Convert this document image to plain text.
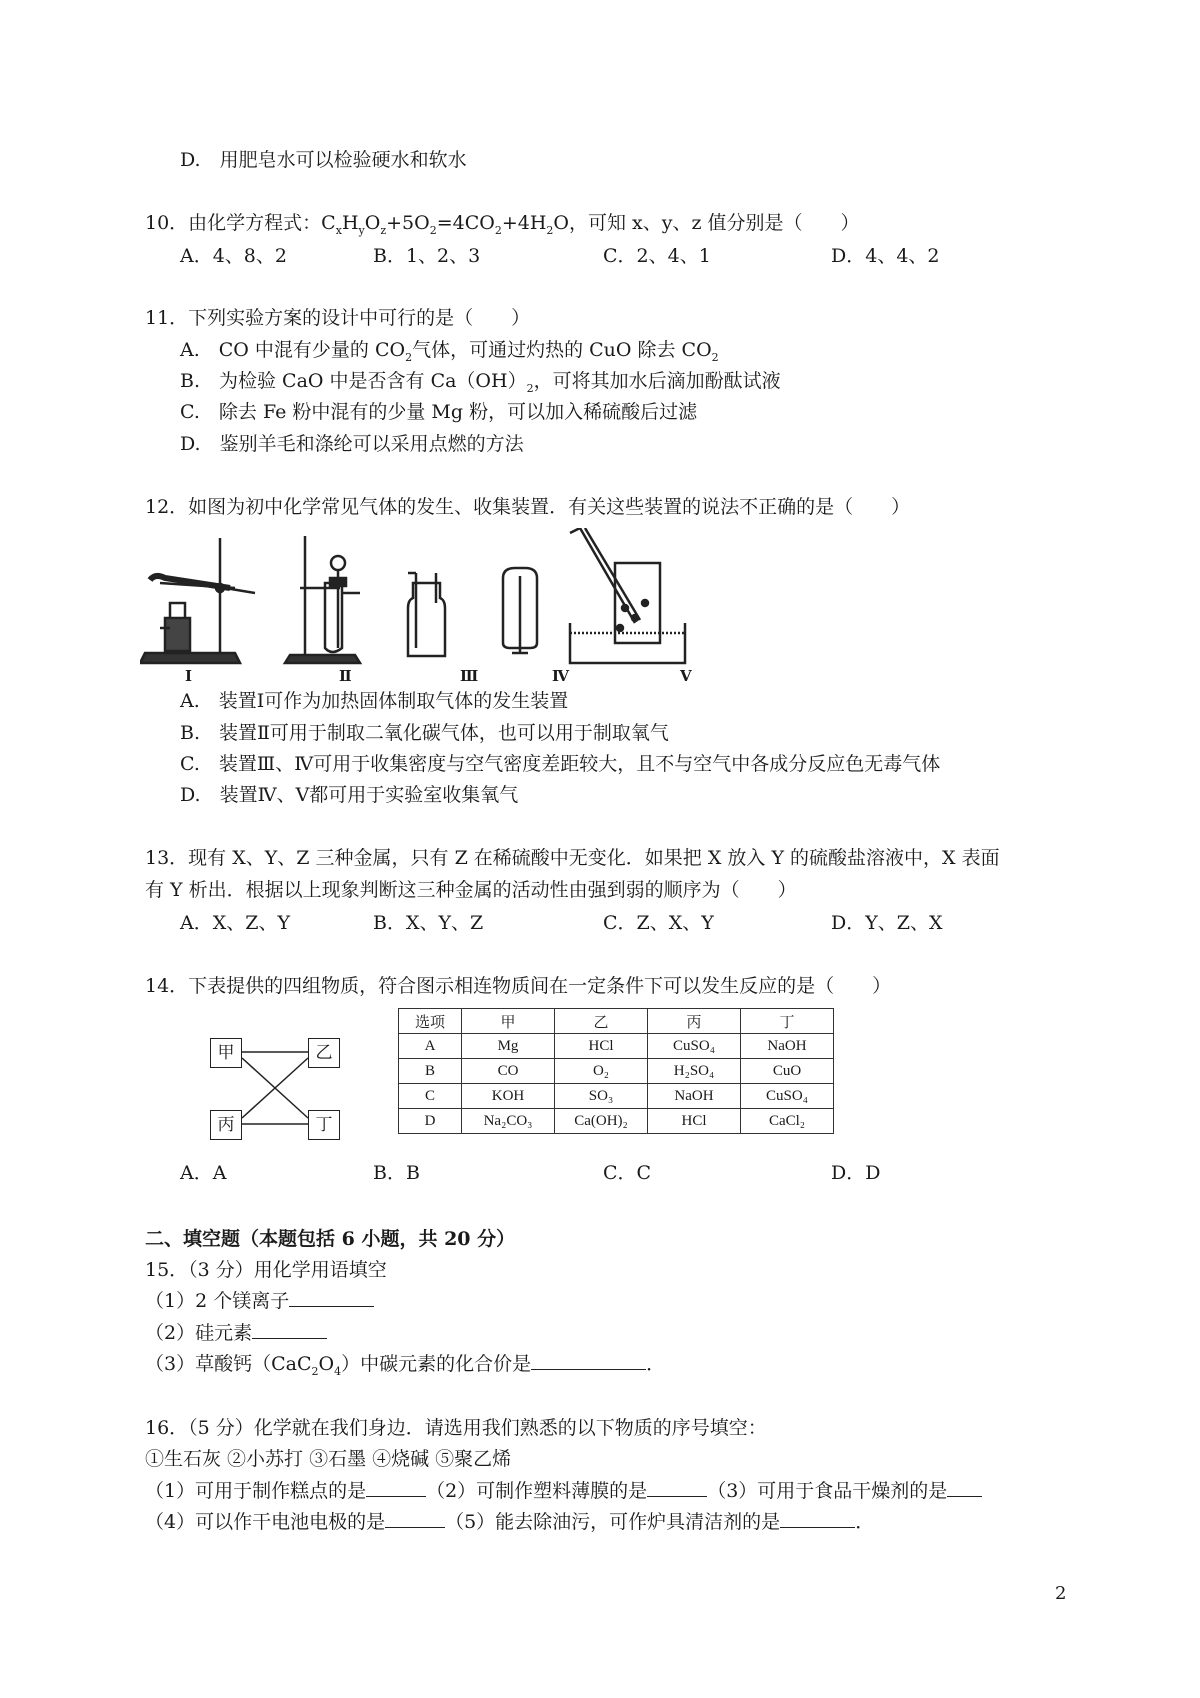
D.　用肥皂水可以检验硬水和软水
10．由化学方程式：$C_xH_yO_z+5O_2=4CO_2+4H_2O$，可知 x、y、z 值分别是（　　）
A．4、8、2	B．1、2、3	C．2、4、1	D．4、4、2
11．下列实验方案的设计中可行的是（　　）
A.　CO 中混有少量的 $CO_2$气体，可通过灼热的 CuO 除去 $CO_2$
B.　为检验 CaO 中是否含有 $Ca(OH)_2$，可将其加水后滴加酚酞试液
C.　除去 Fe 粉中混有的少量 Mg 粉，可以加入稀硫酸后过滤
D.　鉴别羊毛和涤纶可以采用点燃的方法
12．如图为初中化学常见气体的发生、收集装置．有关这些装置的说法不正确的是（　　）
Ⅰ	Ⅱ	Ⅲ	Ⅳ	Ⅴ
A.　装置Ⅰ可作为加热固体制取气体的发生装置
B.　装置Ⅱ可用于制取二氧化碳气体，也可以用于制取氧气
C.　装置Ⅲ、Ⅳ可用于收集密度与空气密度差距较大，且不与空气中各成分反应色无毒气体
D.　装置Ⅳ、Ⅴ都可用于实验室收集氧气
13．现有 X、Y、Z 三种金属，只有 Z 在稀硫酸中无变化．如果把 X 放入 Y 的硫酸盐溶液中，X 表面
有 Y 析出．根据以上现象判断这三种金属的活动性由强到弱的顺序为（　　）
A．X、Z、Y	B．X、Y、Z	C．Z、X、Y	D．Y、Z、X
14．下表提供的四组物质，符合图示相连物质间在一定条件下可以发生反应的是（　　）
甲	乙
丙	丁
选项	甲	乙	丙	丁
A	Mg	HCl	CuSO₄	NaOH
B	CO	O₂	H₂SO₄	CuO
C	KOH	SO₃	NaOH	CuSO₄
D	Na₂CO₃	Ca(OH)₂	HCl	CaCl₂
A．A	B．B	C．C	D．D
二、填空题（本题包括 6 小题，共 20 分）
15．（3 分）用化学用语填空
（1）2 个镁离子
（2）硅元素
（3）草酸钙$(CaC_2O_4)$中碳元素的化合价是	．
16．（5 分）化学就在我们身边．请选用我们熟悉的以下物质的序号填空：
①生石灰 ②小苏打 ③石墨 ④烧碱 ⑤聚乙烯
（1）可用于制作糕点的是	（2）可制作塑料薄膜的是	（3）可用于食品干燥剂的是
（4）可以作干电池电极的是	（5）能去除油污，可作炉具清洁剂的是	．
2
